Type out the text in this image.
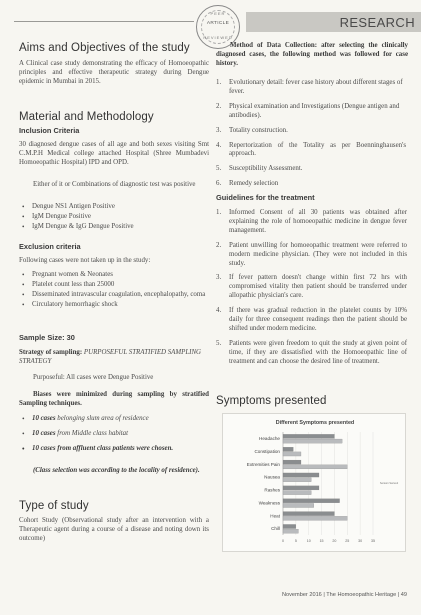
PEER
ARTICLE
REVIEWED
RESEARCH
Aims and Objectives of the study

A Clinical case study demonstrating the efficacy of Homoeopathic principles and effective therapeutic strategy during Dengue epidemic in Mumbai in 2015.

Material and Methodology
Inclusion Criteria

30 diagnosed dengue cases of all age and both sexes visiting Smt C.M.P.H Medical college attached Hospital (Shree Mumbadevi Homoeopathic Hospital) IPD and OPD.

Either of it or Combinations of diagnostic test was positive

• Dengue NS1 Antigen Positive
• IgM Dengue Positive
• IgM Dengue & IgG Dengue Positive
Exclusion criteria

Following cases were not taken up in the study:

• Pregnant women & Neonates
• Platelet count less than 25000
• Disseminated intravascular coagulation, encephalopathy, coma
• Circulatory hemorrhagic shock
Sample Size: 30

Strategy of sampling: PURPOSEFUL STRATIFIED SAMPLING STRATEGY

Purposeful: All cases were Dengue Positive

Biases were minimized during sampling by stratified Sampling techniques.

• 10 cases belonging slum area of residence
• 10 cases from Middle class habitat
• 10 cases from affluent class patients were chosen.

(Class selection was according to the locality of residence).

Type of study

Cohort Study (Observational study after an intervention with a Therapeutic agent during a course of a disease and noting down its outcome)

Method of Data Collection: after selecting the clinically diagnosed cases, the following method was followed for case history.

1. Evolutionary detail: fever case history about different stages of fever.
2. Physical examination and Investigations (Dengue antigen and antibodies).
3. Totality construction.
4. Repertorization of the Totality as per Boenninghausen's approach.
5. Susceptibility Assessment.
6. Remedy selection
Guidelines for the treatment
1. Informed Consent of all 30 patients was obtained after explaining the role of homoeopathic medicine in dengue fever management.
2. Patient unwilling for homoeopathic treatment were referred to modern medicine physician. (They were not included in this study.
3. If fever pattern doesn't change within first 72 hrs with compromised vitality then patient should be transferred under allopathic physician's care.
4. If there was gradual reduction in the platelet counts by 10% daily for three consequent readings then the patient should be shifted under modern medicine.
5. Patients were given freedom to quit the study at given point of time, if they are dissatisfied with the Homoeopathic line of treatment and can choose the desired line of treatment.
Symptoms presented
Different Symptoms presented
0	5	10 15 20 25 30 35
Headache
Constipation
Extremities Pain
Nausea
Rashes
Weakness
Heat
Chill
Series1 Series2
November 2016 | The Homoeopathic Heritage | 49
